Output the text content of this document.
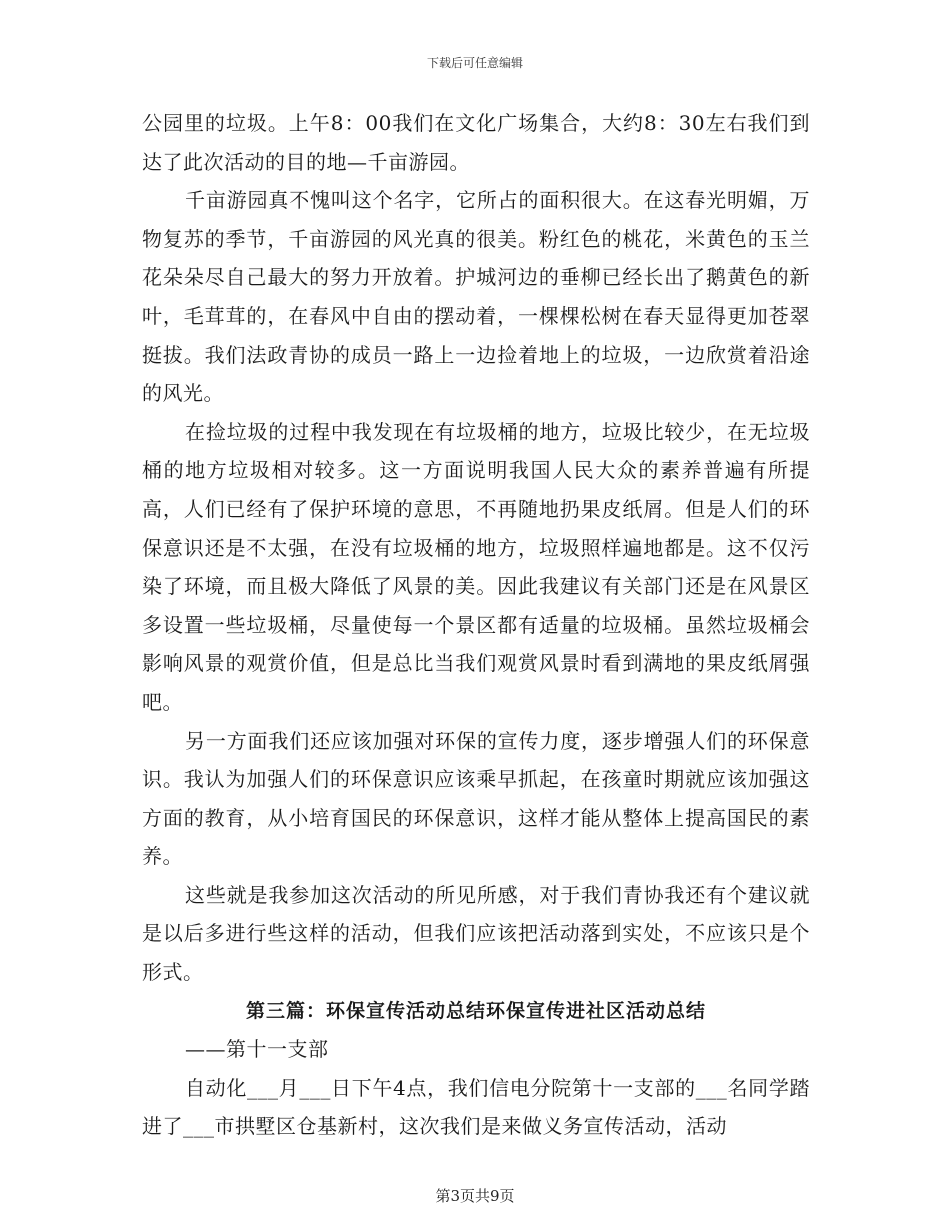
下载后可任意编辑

公园里的垃圾。上午8：00我们在文化广场集合，大约8：30左右我们到达了此次活动的目的地—千亩游园。

千亩游园真不愧叫这个名字，它所占的面积很大。在这春光明媚，万物复苏的季节，千亩游园的风光真的很美。粉红色的桃花，米黄色的玉兰花朵朵尽自己最大的努力开放着。护城河边的垂柳已经长出了鹅黄色的新叶，毛茸茸的，在春风中自由的摆动着，一棵棵松树在春天显得更加苍翠挺拔。我们法政青协的成员一路上一边捡着地上的垃圾，一边欣赏着沿途的风光。

在捡垃圾的过程中我发现在有垃圾桶的地方，垃圾比较少，在无垃圾桶的地方垃圾相对较多。这一方面说明我国人民大众的素养普遍有所提高，人们已经有了保护环境的意思，不再随地扔果皮纸屑。但是人们的环保意识还是不太强，在没有垃圾桶的地方，垃圾照样遍地都是。这不仅污染了环境，而且极大降低了风景的美。因此我建议有关部门还是在风景区多设置一些垃圾桶，尽量使每一个景区都有适量的垃圾桶。虽然垃圾桶会影响风景的观赏价值，但是总比当我们观赏风景时看到满地的果皮纸屑强吧。

另一方面我们还应该加强对环保的宣传力度，逐步增强人们的环保意识。我认为加强人们的环保意识应该乘早抓起，在孩童时期就应该加强这方面的教育，从小培育国民的环保意识，这样才能从整体上提高国民的素养。

这些就是我参加这次活动的所见所感，对于我们青协我还有个建议就是以后多进行些这样的活动，但我们应该把活动落到实处，不应该只是个形式。

第三篇：环保宣传活动总结环保宣传进社区活动总结

——第十一支部

自动化___月___日下午4点，我们信电分院第十一支部的___名同学踏进了___市拱墅区仓基新村，这次我们是来做义务宣传活动，活动

第3页共9页
